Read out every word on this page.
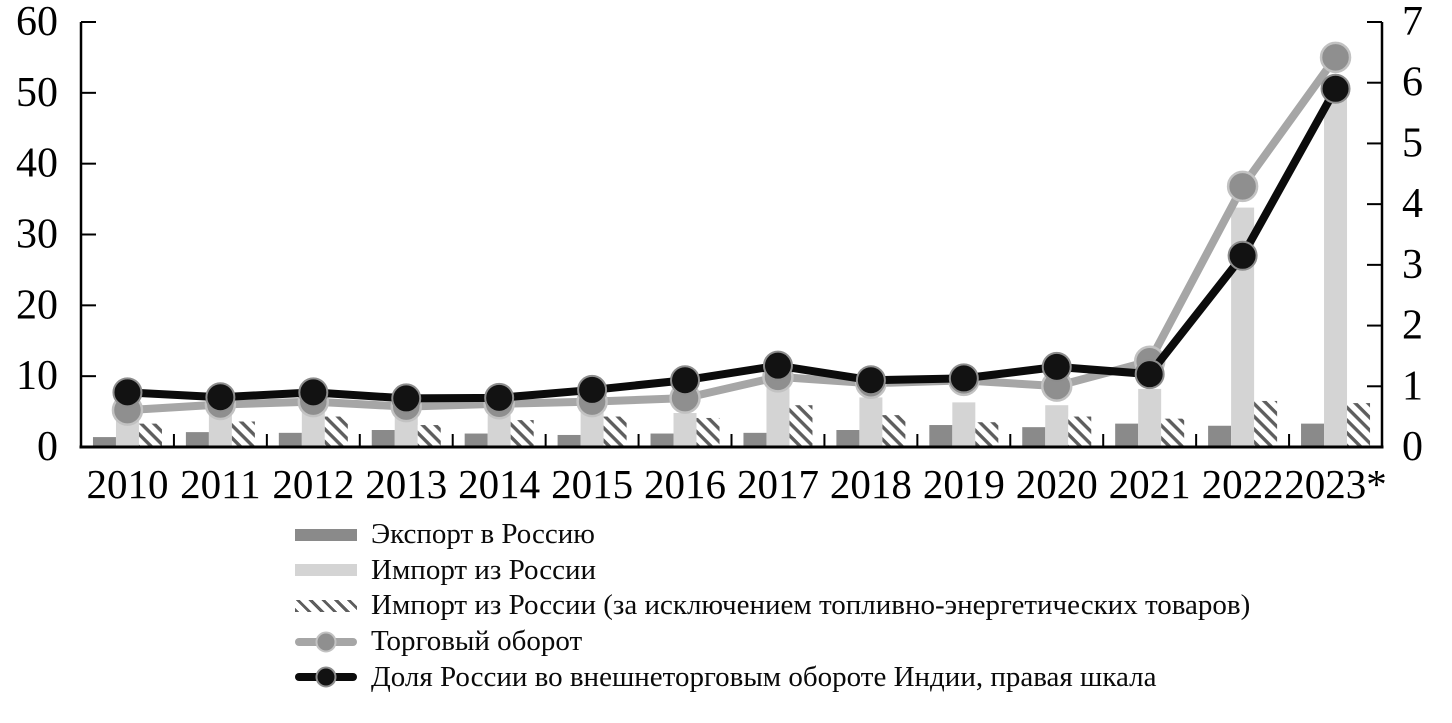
0
10
20
30
40
50
60
0
1
2
3
4
5
6
7
2010 2011 2012 2013 2014 2015 2016 2017 2018 2019 2020 2021 2022 2023*
Экспорт в Россию
Импорт из России
Импорт из России (за исключением топливно-энергетических товаров)
Торговый оборот
Доля России во внешнеторговым обороте Индии, правая шкала
